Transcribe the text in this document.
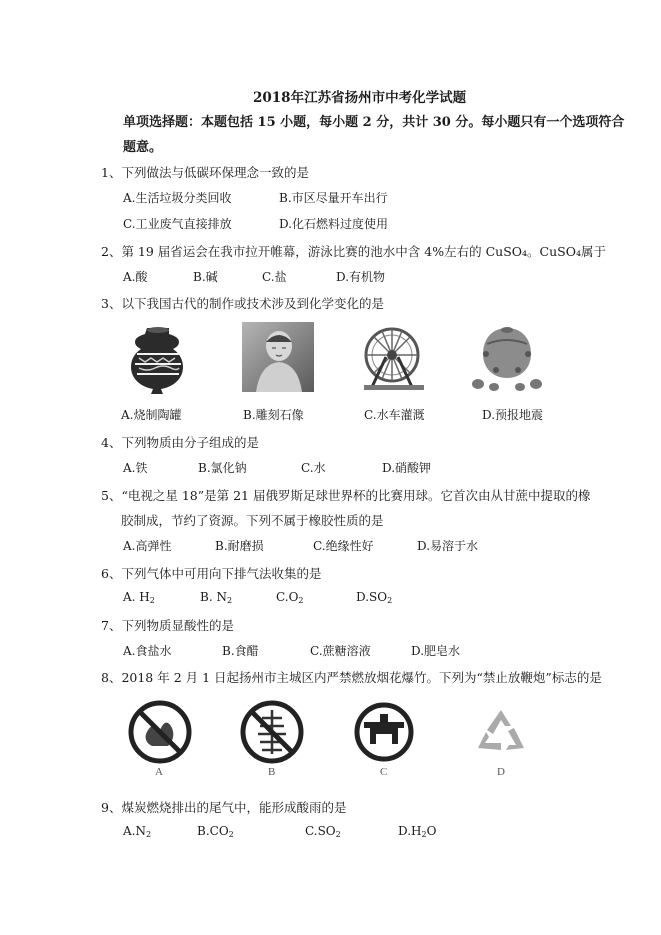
2018年江苏省扬州市中考化学试题
单项选择题：本题包括 15 小题，每小题 2 分，共计 30 分。每小题只有一个选项符合
题意。
1、下列做法与低碳环保理念一致的是
A.生活垃圾分类回收	B.市区尽量开车出行
C.工业废气直接排放	D.化石燃料过度使用
2、第 19 届省运会在我市拉开帷幕，游泳比赛的池水中含 4%左右的 CuSO₄。CuSO₄属于
A.酸	B.碱	C.盐	D.有机物
3、以下我国古代的制作或技术涉及到化学变化的是
A.烧制陶罐	B.雕刻石像	C.水车灌溉	D.预报地震
4、下列物质由分子组成的是
A.铁	B.氯化钠	C.水	D.硝酸钾
5、“电视之星 18”是第 21 届俄罗斯足球世界杯的比赛用球。它首次由从甘蔗中提取的橡
胶制成，节约了资源。下列不属于橡胶性质的是
A.高弹性	B.耐磨损	C.绝缘性好	D.易溶于水
6、下列气体中可用向下排气法收集的是
A. $H_2$	B. $N_2$	$C.O_2$	$D.SO_2$
7、下列物质显酸性的是
A.食盐水	B.食醋	C.蔗糖溶液	D.肥皂水
8、2018 年 2 月 1 日起扬州市主城区内严禁燃放烟花爆竹。下列为“禁止放鞭炮”标志的是
A	B	C	D
9、煤炭燃烧排出的尾气中，能形成酸雨的是
$A.N_2$	$B.CO_2$	$C.SO_2$	$D.H_2O$
